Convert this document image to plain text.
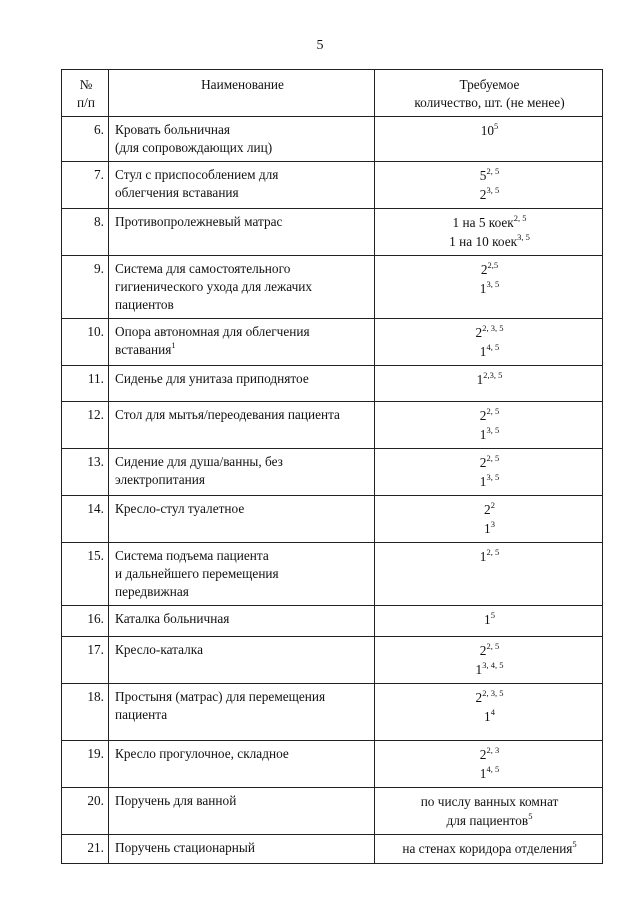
5
№
п/п	Наименование	Требуемое
количество, шт. (не менее)

6.	Кровать больничная
(для сопровождающих лиц)	$10^5$

7.	Стул с приспособлением для
облегчения вставания	5$^{2, 5}$
2$^{3, 5}$

8.	Противопролежневый матрас	1 на 5 коек$^{2, 5}$
1 на 10 коек$^{3, 5}$

9.	Система для самостоятельного
гигиенического ухода для лежачих
пациентов	2$^{2,5}$
1$^{3, 5}$

10.	Опора автономная для облегчения
вставания$^1$	2$^{2, 3, 5}$
1$^{4, 5}$

11.	Сиденье для унитаза приподнятое	1$^{2,3, 5}$

12.	Стол для мытья/переодевания пациента	2$^{2, 5}$
1$^{3, 5}$

13.	Сидение для душа/ванны, без
электропитания	2$^{2, 5}$
1$^{3, 5}$

14.	Кресло-стул туалетное	$2^2$
$1^3$

15.	Система подъема пациента
и дальнейшего перемещения
передвижная	1$^{2, 5}$

16.	Каталка больничная	$1^5$

17.	Кресло-каталка	2$^{2, 5}$
1$^{3, 4, 5}$

18.	Простыня (матрас) для перемещения
пациента	2$^{2, 3, 5}$
$1^4$

19.	Кресло прогулочное, складное	2$^{2, 3}$
1$^{4, 5}$

20.	Поручень для ванной	по числу ванных комнат
для пациентов$^5$

21.	Поручень стационарный	на стенах коридора отделения$^5$
